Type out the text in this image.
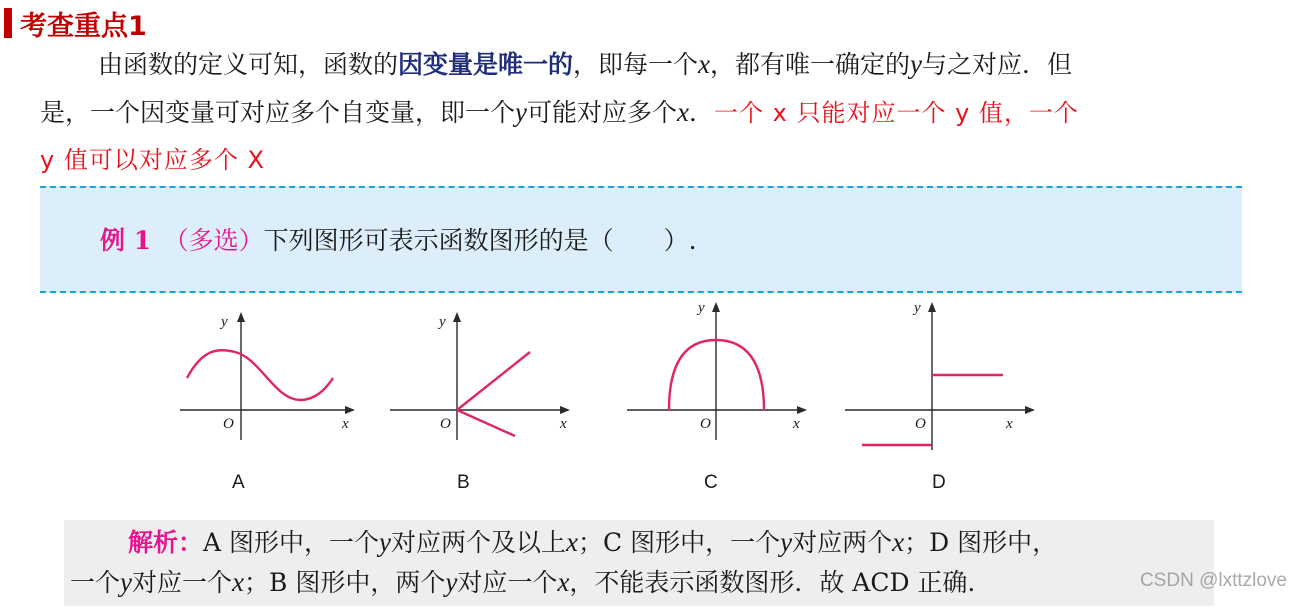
考查重点1
由函数的定义可知，函数的因变量是唯一的，即每一个x，都有唯一确定的y与之对应．但
是，一个因变量可对应多个自变量，即一个y可能对应多个x．一个 x 只能对应一个 y 值，一个
y 值可以对应多个 X
例 1　 （多选）下列图形可表示函数图形的是（　　）.
y
x
O
A
y
x
O
B
y
x
O
C
y
x
O
D
解析：A 图形中，一个y对应两个及以上x；C 图形中，一个y对应两个x；D 图形中，
一个y对应一个x；B 图形中，两个y对应一个x，不能表示函数图形．故 ACD 正确.	CSDN @lxttzlove
